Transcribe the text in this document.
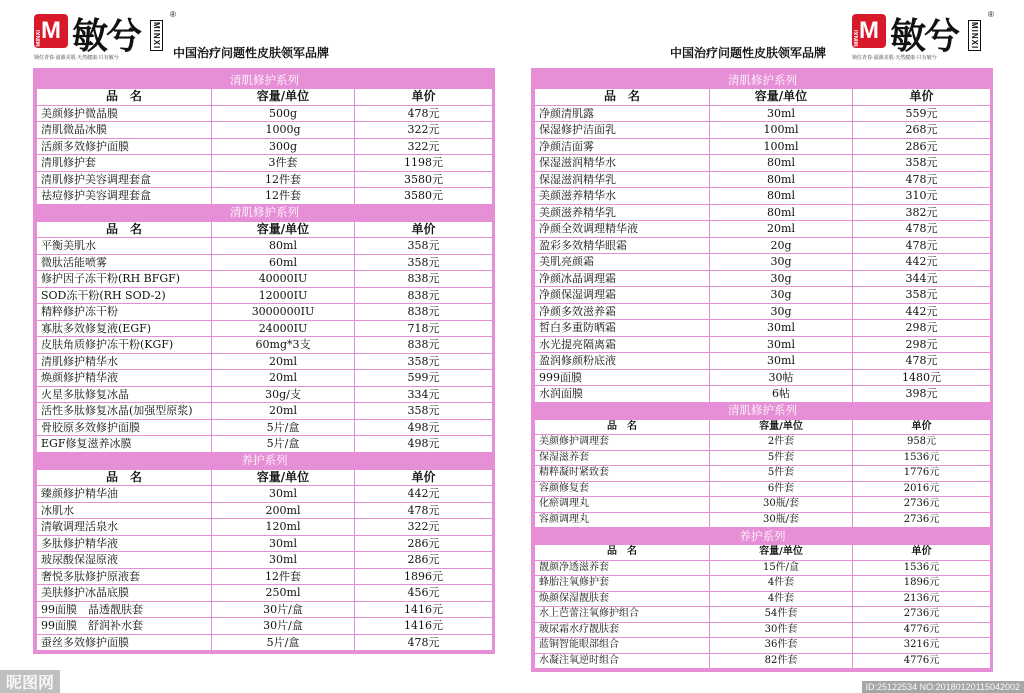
M
MINXI 敏兮 MINXI
®
中国治疗问题性皮肤领军品牌
锁住青春·滋源美肌·天然健康·只有敏兮
M
MINXI 敏兮 MINXI
®
中国治疗问题性皮肤领军品牌	锁住青春·滋源美肌·天然健康·只有敏兮
清肌修护系列		
品　名	容量/单位	单价
美颜修护微晶膜	500g	478元
清肌微晶冰膜	1000g	322元
活颜多效修护面膜	300g	322元
清肌修护套	3件套	1198元
清肌修护美容调理套盒	12件套	3580元
祛痘修护美容调理套盒	12件套	3580元
清肌修护系列		
品　名	容量/单位	单价
平衡美肌水	80ml	358元
微肽活能喷雾	60ml	358元
修护因子冻干粉(RH BFGF)	40000IU	838元
SOD冻干粉(RH SOD-2)	12000IU	838元
精粹修护冻干粉	3000000IU	838元
寡肽多效修复液(EGF)	24000IU	718元
皮肤角质修护冻干粉(KGF)	60mg*3支	838元
清肌修护精华水	20ml	358元
焕颜修护精华液	20ml	599元
火星多肽修复冰晶	30g/支	334元
活性多肽修复冰晶(加强型原浆)	20ml	358元
骨胶原多效修护面膜	5片/盒	498元
EGF修复滋养冰膜	5片/盒	498元
养护系列		
品　名	容量/单位	单价
臻颜修护精华油	30ml	442元
冰肌水	200ml	478元
清敏调理活泉水	120ml	322元
多肽修护精华液	30ml	286元
玻尿酸保湿原液	30ml	286元
奢悦多肽修护原液套	12件套	1896元
美肤修护冰晶底膜	250ml	456元
99面膜　晶透靓肤套	30片/盒	1416元
99面膜　舒润补水套	30片/盒	1416元
蚕丝多效修护面膜	5片/盒	478元
清肌修护系列		
品　名	容量/单位	单价
净颜清肌露	30ml	559元
保湿修护洁面乳	100ml	268元
净颜洁面雾	100ml	286元
保湿滋润精华水	80ml	358元
保湿滋润精华乳	80ml	478元
美颜滋养精华水	80ml	310元
美颜滋养精华乳	80ml	382元
净颜全效调理精华液	20ml	478元
盈彩多效精华眼霜	20g	478元
美肌亮颜霜	30g	442元
净颜冰晶调理霜	30g	344元
净颜保湿调理霜	30g	358元
净颜多效滋养霜	30g	442元
皙白多重防晒霜	30ml	298元
水光提亮隔离霜	30ml	298元
盈润修颜粉底液	30ml	478元
999面膜	30帖	1480元
水润面膜	6帖	398元
清肌修护系列		
品　名	容量/单位	单价
美颜修护调理套	2件套	958元
保湿滋养套	5件套	1536元
精粹凝时紧致套	5件套	1776元
容颜修复套	6件套	2016元
化瘀调理丸	30瓶/套	2736元
容颜调理丸	30瓶/套	2736元
养护系列		
品　名	容量/单位	单价
靓颜净透滋养套	15件/盒	1536元
蜂胎注氧修护套	4件套	1896元
焕颜保湿靓肤套	4件套	2136元
水上芭蕾注氧修护组合	54件套	2736元
玻尿霜水疗靓肤套	30件套	4776元
蓝铜智能眼部组合	36件套	3216元
水凝注氧逆时组合	82件套	4776元
昵图网	ID:25122534 NO:20180120115042002
